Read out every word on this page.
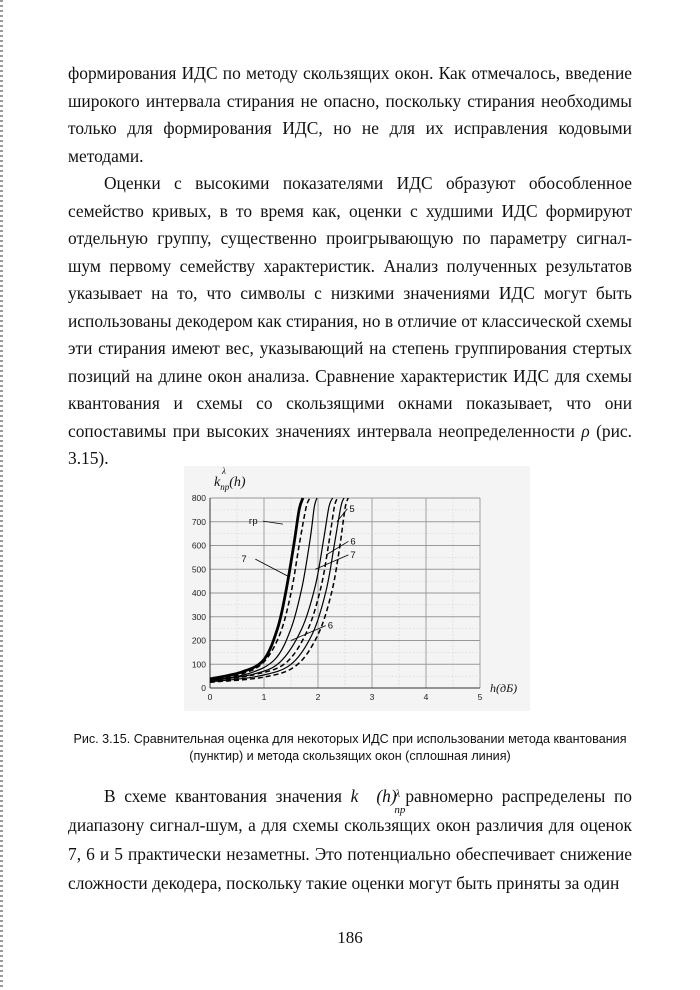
формирования ИДС по методу скользящих окон. Как отмечалось, введение широкого интервала стирания не опасно, поскольку стирания необходимы только для формирования ИДС, но не для их исправления кодовыми методами.

Оценки с высокими показателями ИДС образуют обособленное семейство кривых, в то время как, оценки с худшими ИДС формируют отдельную группу, существенно проигрывающую по параметру сигнал-шум первому семейству характеристик. Анализ полученных результатов указывает на то, что символы с низкими значениями ИДС могут быть использованы декодером как стирания, но в отличие от классической схемы эти стирания имеют вес, указывающий на степень группирования стертых позиций на длине окон анализа. Сравнение характеристик ИДС для схемы квантования и схемы со скользящими окнами показывает, что они сопоставимы при высоких значениях интервала неопределенности ρ (рис. 3.15).

0
100
200
300
400
500
600
700
800
0	1	2	3	4	5
$k_{пр}(h)$
λ
h(дБ)
гр
7
5
6
7
6

Рис. 3.15. Сравнительная оценка для некоторых ИДС при использовании метода квантования (пунктир) и метода скользящих окон (сплошная линия)

В схеме квантования значения k	λ
пр
(h) равномерно распределены по диапазону сигнал-шум, а для схемы скользящих окон различия для оценок 7, 6 и 5 практически незаметны. Это потенциально обеспечивает снижение сложности декодера, поскольку такие оценки могут быть приняты за один

186
